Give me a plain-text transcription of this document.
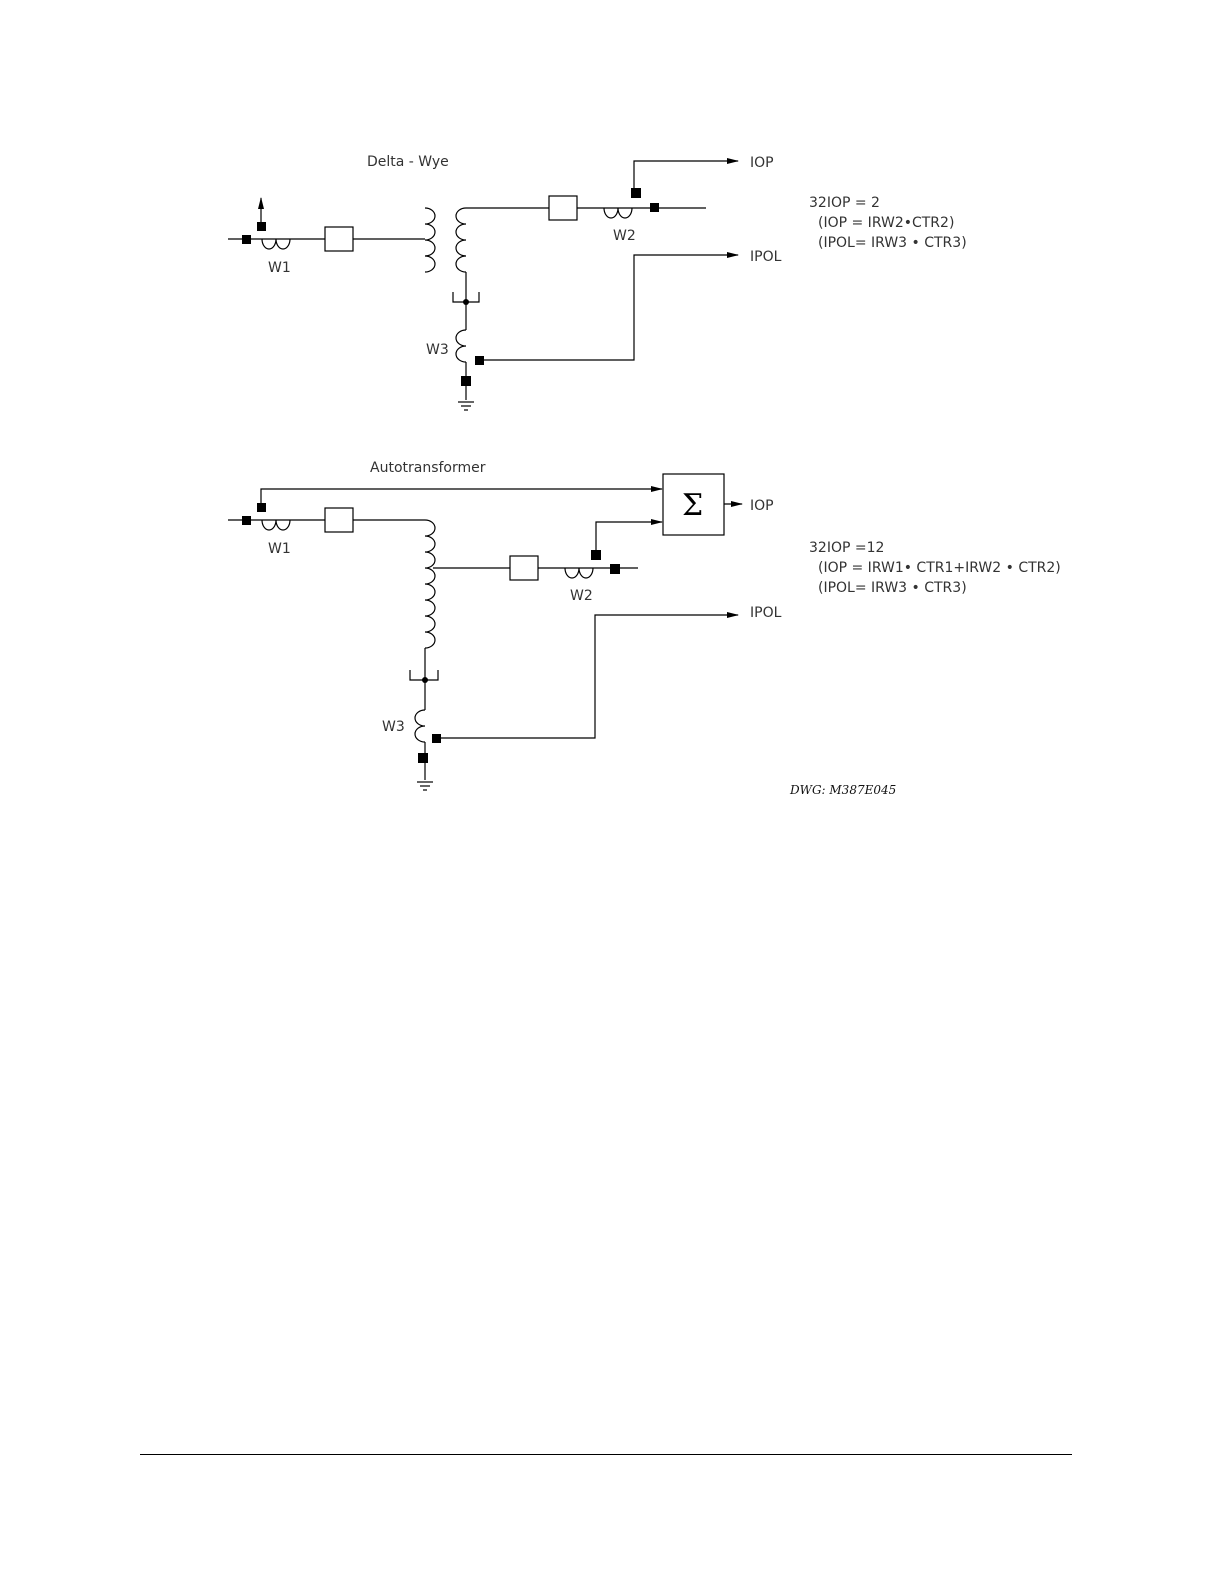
Delta - Wye
W1
W2
IOP
W3
IPOL
32IOP = 2
(IOP = IRW2•CTR2)
(IPOL= IRW3 • CTR3)
Autotransformer
W1
W2
Σ	IOP
W3
IPOL
32IOP =12
(IOP = IRW1• CTR1+IRW2 • CTR2)
(IPOL= IRW3 • CTR3)
DWG: M387E045
